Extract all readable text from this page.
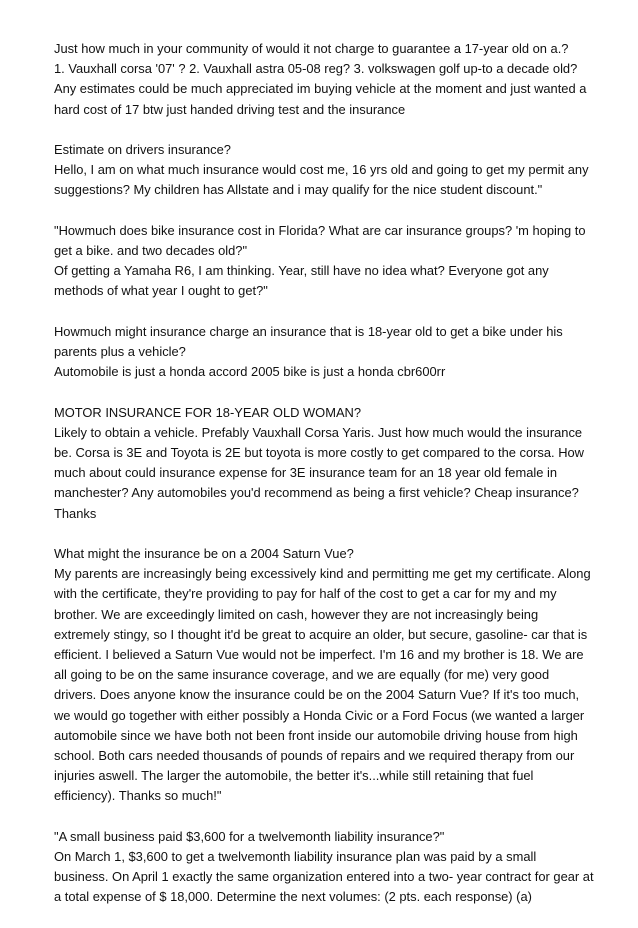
Just how much in your community of would it not charge to guarantee a 17-year old on a.?

1. Vauxhall corsa '07' ? 2. Vauxhall astra 05-08 reg? 3. volkswagen golf up-to a decade old? Any estimates could be much appreciated im buying vehicle at the moment and just wanted a hard cost of 17 btw just handed driving test and the insurance

Estimate on drivers insurance?

Hello, I am on what much insurance would cost me, 16 yrs old and going to get my permit any suggestions? My children has Allstate and i may qualify for the nice student discount."

"Howmuch does bike insurance cost in Florida? What are car insurance groups? 'm hoping to get a bike. and two decades old?"

Of getting a Yamaha R6, I am thinking. Year, still have no idea what? Everyone got any methods of what year I ought to get?"

Howmuch might insurance charge an insurance that is 18-year old to get a bike under his parents plus a vehicle?

Automobile is just a honda accord 2005 bike is just a honda cbr600rr

MOTOR INSURANCE FOR 18-YEAR OLD WOMAN?

Likely to obtain a vehicle. Prefably Vauxhall Corsa Yaris. Just how much would the insurance be. Corsa is 3E and Toyota is 2E but toyota is more costly to get compared to the corsa. How much about could insurance expense for 3E insurance team for an 18 year old female in manchester? Any automobiles you'd recommend as being a first vehicle? Cheap insurance? Thanks

What might the insurance be on a 2004 Saturn Vue?

My parents are increasingly being excessively kind and permitting me get my certificate. Along with the certificate, they're providing to pay for half of the cost to get a car for my and my brother. We are exceedingly limited on cash, however they are not increasingly being extremely stingy, so I thought it'd be great to acquire an older, but secure, gasoline- car that is efficient. I believed a Saturn Vue would not be imperfect. I'm 16 and my brother is 18. We are all going to be on the same insurance coverage, and we are equally (for me) very good drivers. Does anyone know the insurance could be on the 2004 Saturn Vue? If it's too much, we would go together with either possibly a Honda Civic or a Ford Focus (we wanted a larger automobile since we have both not been front inside our automobile driving house from high school. Both cars needed thousands of pounds of repairs and we required therapy from our injuries aswell. The larger the automobile, the better it's...while still retaining that fuel efficiency). Thanks so much!"

"A small business paid $3,600 for a twelvemonth liability insurance?"

On March 1, $3,600 to get a twelvemonth liability insurance plan was paid by a small business. On April 1 exactly the same organization entered into a two- year contract for gear at a total expense of $ 18,000. Determine the next volumes: (2 pts. each response) (a)
